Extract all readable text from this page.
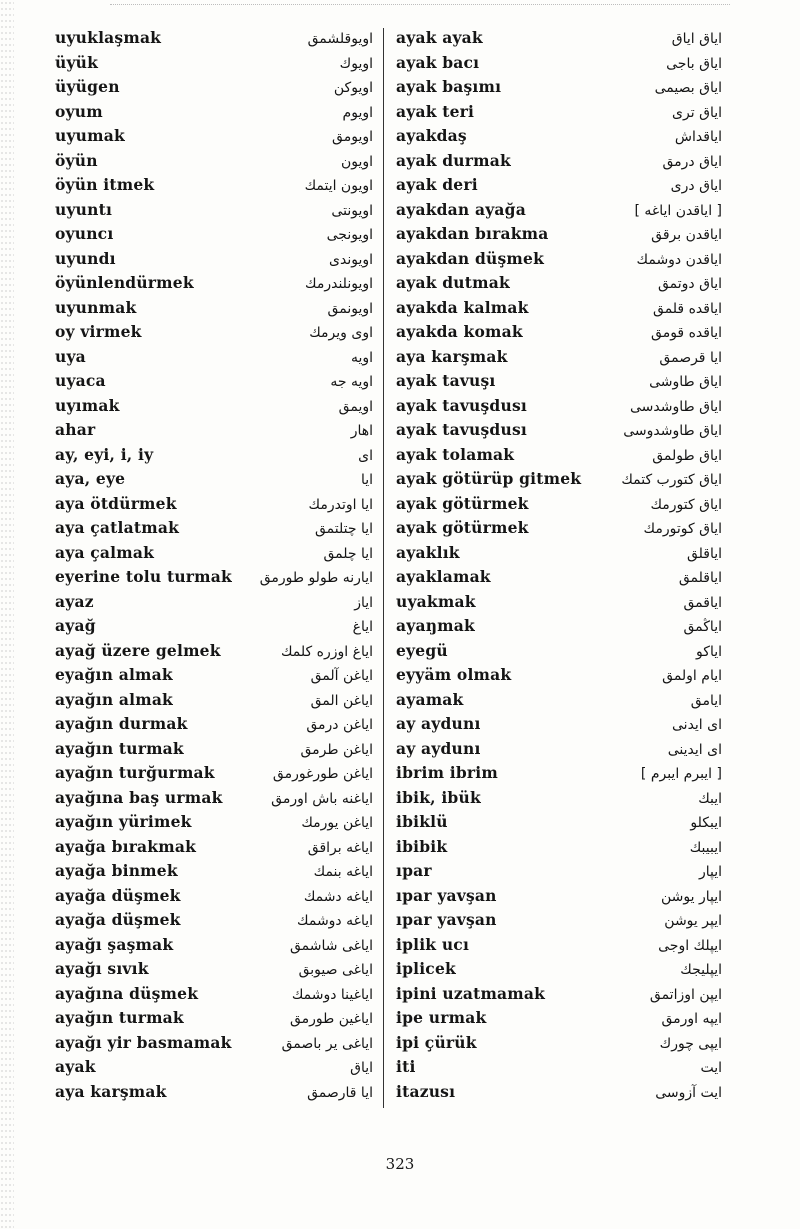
uyuklaşmak	اویوقلشمق
üyük	اویوك
üyügen	اویوكن
oyum	اویوم
uyumak	اویومق
öyün	اویون
öyün itmek	اویون ایتمك
uyuntı	اویونتی
oyuncı	اویونجی
uyundı	اویوندی
öyünlendürmek	اویونلندرمك
uyunmak	اویونمق
oy virmek	اوی ویرمك
uya	اویه
uyaca	اویه جه
uyımak	اویمق
ahar	اهار
ay, eyi, i, iy	ای
aya, eye	ایا
aya ötdürmek	ایا اوتدرمك
aya çatlatmak	ایا چتلتمق
aya çalmak	ایا چلمق
eyerine tolu turmak ایارنه طولو طورمق
ayaz	ایاز
ayağ	ایاغ
ayağ üzere gelmek	ایاغ اوزره كلمك
eyağın almak	ایاغن آلمق
ayağın almak	ایاغن المق
ayağın durmak	ایاغن درمق
ayağın turmak	ایاغن طرمق
ayağın turğurmak	ایاغن طورغورمق
ayağına baş urmak	ایاغنه باش اورمق
ayağın yürimek	ایاغن یورمك
ayağa bırakmak	ایاغه براقق
ayağa binmek	ایاغه بنمك
ayağa düşmek	ایاغه دشمك
ayağa düşmek	ایاغه دوشمك
ayağı şaşmak	ایاغی شاشمق
ayağı sıvık	ایاغی صیوبق
ayağına düşmek	ایاغینا دوشمك
ayağın turmak	ایاغین طورمق
ayağı yir basmamak	ایاغی یر باصمق
ayak	ایاق
aya karşmak	ایا قارصمق
ayak ayak	ایاق ایاق
ayak bacı	ایاق باجی
ayak başımı	ایاق بصیمی
ayak teri	ایاق تری
ayakdaş	ایاقداش
ayak durmak	ایاق درمق
ayak deri	ایاق دری
ayakdan ayağa	[ ایاقدن ایاغه ]
ayakdan bırakma	ایاقدن برقق
ayakdan düşmek	ایاقدن دوشمك
ayak dutmak	ایاق دوتمق
ayakda kalmak	ایاقده قلمق
ayakda komak	ایاقده قومق
aya karşmak	ایا قرصمق
ayak tavuşı	ایاق طاوشی
ayak tavuşdusı	ایاق طاوشدسی
ayak tavuşdusı	ایاق طاوشدوسی
ayak tolamak	ایاق طولمق
ayak götürüp gitmek	ایاق كتورب كتمك
ayak götürmek	ایاق كتورمك
ayak götürmek	ایاق كوتورمك
ayaklık	ایاقلق
ayaklamak	ایاقلمق
uyakmak	ایاقمق
ayaŋmak	ایاڭمق
eyegü	ایاكو
eyyäm olmak	ایام اولمق
ayamak	ایامق
ay aydunı	ای ایدنی
ay aydunı	ای ایدینی
ibrim ibrim	[ ایبرم ایبرم ]
ibik, ibük	ایبك
ibiklü	ایبكلو
ibibik	ایبیبك
ıpar	ایپار
ıpar yavşan	ایپار یوشن
ıpar yavşan	ایپر یوشن
iplik ucı	ایپلك اوجی
iplicek	ایپلیجك
ipini uzatmamak	ایپن اوزاتمق
ipe urmak	ایپه اورمق
ipi çürük	ایپی چورك
iti	ایت
itazusı	ایت آزوسی
323
